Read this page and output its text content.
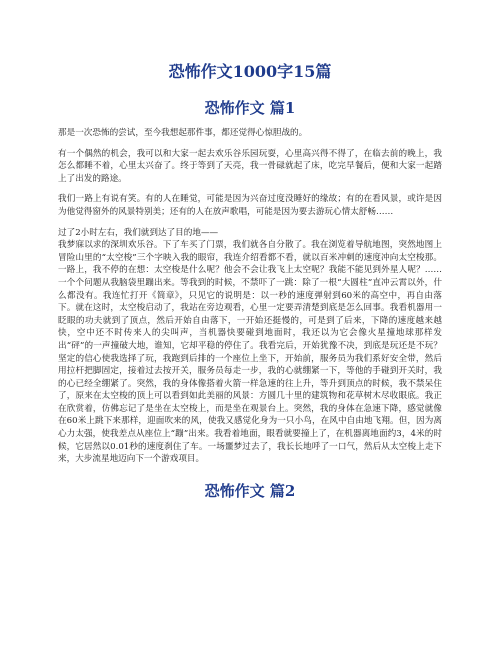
恐怖作文1000字15篇
恐怖作文 篇1

那是一次恐怖的尝试，至今我想起那件事，都还觉得心惊胆战的。

有一个偶然的机会，我可以和大家一起去欢乐谷乐园玩耍，心里高兴得不得了，在临去前的晚上，我怎么都睡不着，心里太兴奋了。终于等到了天亮，我一骨碌就起了床，吃完早餐后，便和大家一起踏上了出发的路途。

我们一路上有说有笑。有的人在睡觉，可能是因为兴奋过度没睡好的缘故；有的在看风景，或许是因为他觉得窗外的风景特别美；还有的人在放声歌唱，可能是因为要去游玩心情太舒畅……

过了2小时左右，我们就到达了目的地——

我梦寐以求的深圳欢乐谷。下了车买了门票，我们就各自分散了。我在浏览着导航地图，突然地图上冒险山里的“太空梭”三个字映入我的眼帘，我连介绍看都不看，就以百米冲刺的速度冲向太空梭那。一路上，我不停的在想：太空梭是什么呢？他会不会让我飞上太空呢？我能不能见到外星人呢？……一个个问题从我脑袋里蹦出来。等我到的时候，不禁吓了一跳：除了一根“大圆柱”直冲云霄以外，什么都没有。我连忙打开《简章》，只见它的说明是：以一秒的速度弹射到60米的高空中，再自由落下。就在这时，太空梭启动了，我站在旁边观看，心里一定要弄清楚到底是怎么回事。我看机器用一眨眼的功夫就到了顶点，然后开始自由落下，一开始还挺慢的，可是到了后来，下降的速度越来越快，空中还不时传来人的尖叫声，当机器快要碰到地面时，我还以为它会像火星撞地球那样发出“砰”的一声撞破大地，谁知，它却平稳的停住了。我看完后，开始犹豫不决，到底是玩还是不玩？坚定的信心使我选择了玩，我跑到后排的一个座位上坐下，开始前，服务员为我们系好安全带，然后用拉杆把脚固定，接着过去按开关，服务员每走一步，我的心就绷紧一下，等他的手碰到开关时，我的心已经全绷紧了。突然，我的身体像搭着火箭一样急速的往上升，等升到顶点的时候，我不禁呆住了，原来在太空梭的顶上可以看到如此美丽的风景：方圆几十里的建筑物和花草树木尽收眼底。我正在欣赏着，仿佛忘记了是坐在太空梭上，而是坐在观景台上。突然，我的身体在急速下降，感觉就像在60米上跳下来那样，迎面吹来的风，使我又感觉化身为一只小鸟，在风中自由地飞翔。但，因为离心力太强，使我差点从座位上“蹦”出来。我看着地面，眼看就要撞上了，在机器离地面约3，4米的时候，它居然以0.01秒的速度刹住了车。一场噩梦过去了，我长长地呼了一口气，然后从太空梭上走下来，大步流星地迈向下一个游戏项目。

恐怖作文 篇2
